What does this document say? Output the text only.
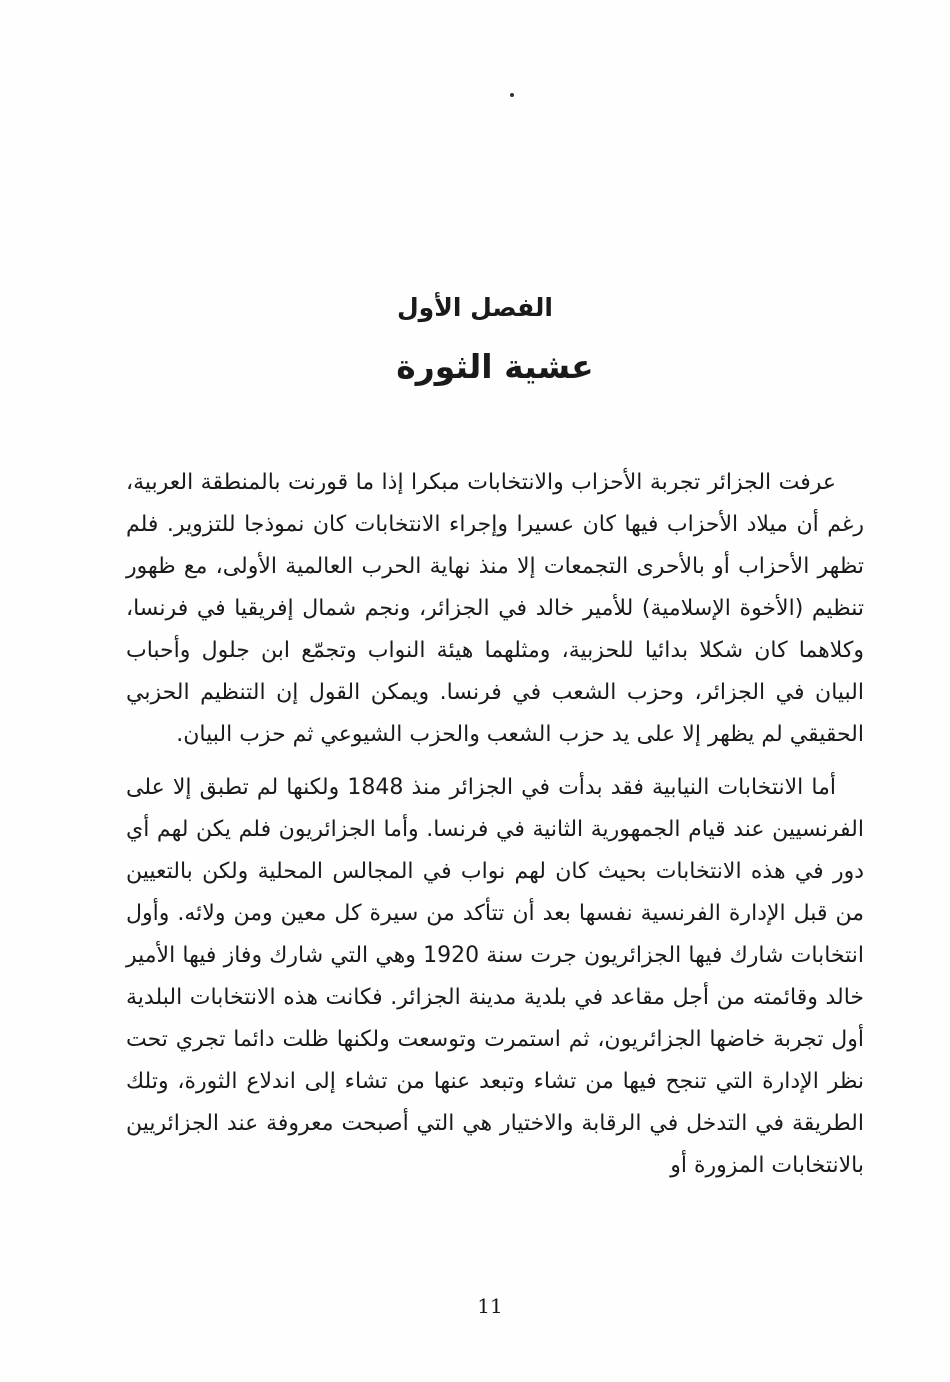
الفصل الأول
عشية الثورة

عرفت الجزائر تجربة الأحزاب والانتخابات مبكرا إذا ما قورنت بالمنطقة العربية، رغم أن ميلاد الأحزاب فيها كان عسيرا وإجراء الانتخابات كان نموذجا للتزوير. فلم تظهر الأحزاب أو بالأحرى التجمعات إلا منذ نهاية الحرب العالمية الأولى، مع ظهور تنظيم (الأخوة الإسلامية) للأمير خالد في الجزائر، ونجم شمال إفريقيا في فرنسا، وكلاهما كان شكلا بدائيا للحزبية، ومثلهما هيئة النواب وتجمّع ابن جلول وأحباب البيان في الجزائر، وحزب الشعب في فرنسا. ويمكن القول إن التنظيم الحزبي الحقيقي لم يظهر إلا على يد حزب الشعب والحزب الشيوعي ثم حزب البيان.

أما الانتخابات النيابية فقد بدأت في الجزائر منذ 1848 ولكنها لم تطبق إلا على الفرنسيين عند قيام الجمهورية الثانية في فرنسا. وأما الجزائريون فلم يكن لهم أي دور في هذه الانتخابات بحيث كان لهم نواب في المجالس المحلية ولكن بالتعيين من قبل الإدارة الفرنسية نفسها بعد أن تتأكد من سيرة كل معين ومن ولائه. وأول انتخابات شارك فيها الجزائريون جرت سنة 1920 وهي التي شارك وفاز فيها الأمير خالد وقائمته من أجل مقاعد في بلدية مدينة الجزائر. فكانت هذه الانتخابات البلدية أول تجربة خاضها الجزائريون، ثم استمرت وتوسعت ولكنها ظلت دائما تجري تحت نظر الإدارة التي تنجح فيها من تشاء وتبعد عنها من تشاء إلى اندلاع الثورة، وتلك الطريقة في التدخل في الرقابة والاختيار هي التي أصبحت معروفة عند الجزائريين بالانتخابات المزورة أو

11
